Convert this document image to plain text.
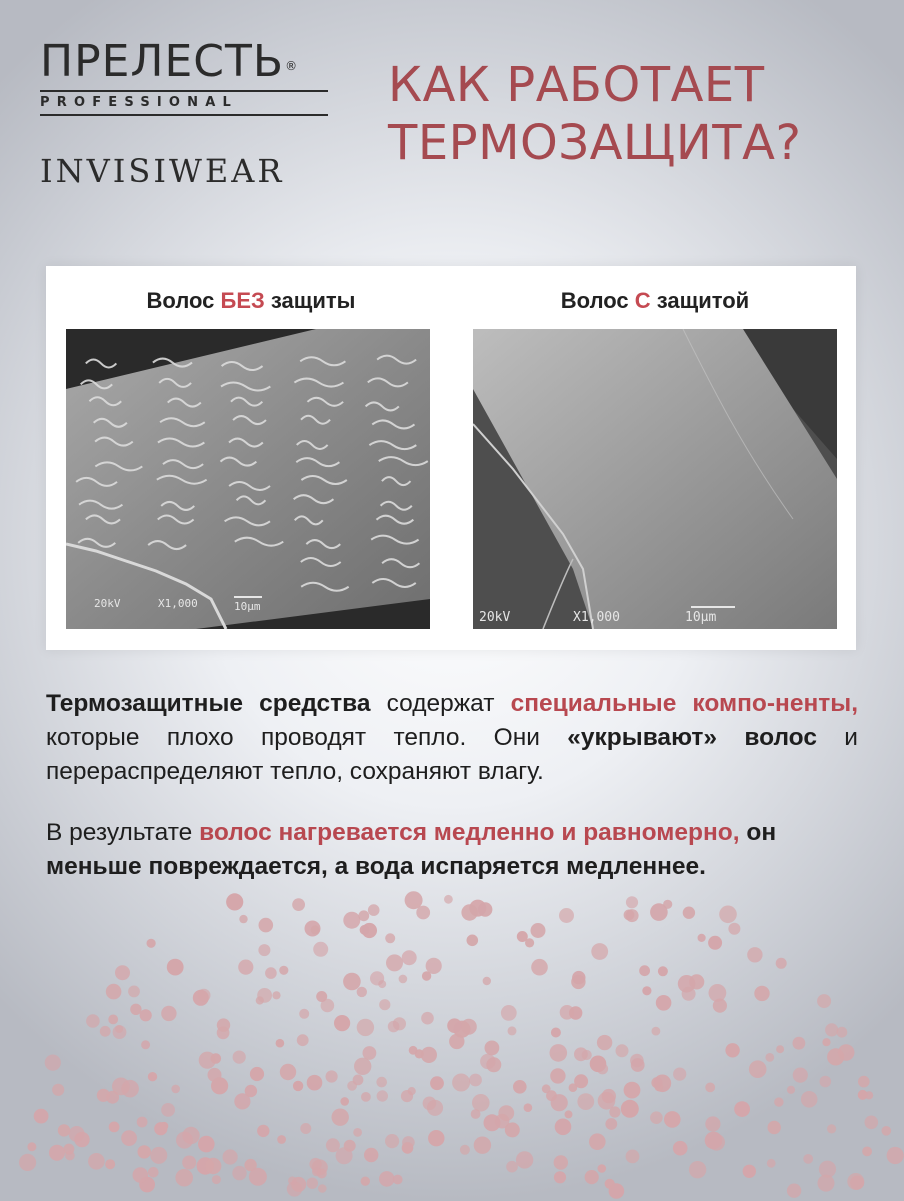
ПРЕЛЕСТЬ ®
PROFESSIONAL
INVISIWEAR
КАК РАБОТАЕТ
ТЕРМОЗАЩИТА?
Волос БЕЗ защиты
20kV	X1,000	10µm
Волос С защитой
20kV	X1,000	10µm

Термозащитные средства содержат специальные компо-ненты, которые плохо проводят тепло. Они «укрывают» волос и перераспределяют тепло, сохраняют влагу.

В результате волос нагревается медленно и равномерно, он меньше повреждается, а вода испаряется медленнее.
